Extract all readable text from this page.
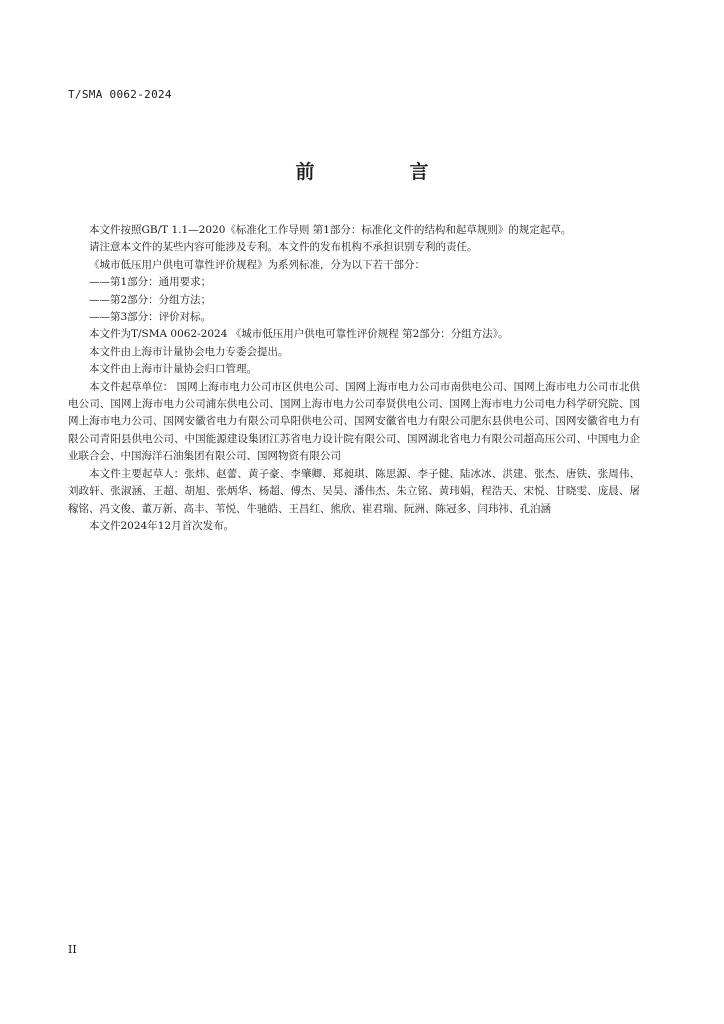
T/SMA 0062-2024
前　言

本文件按照GB/T 1.1—2020《标准化工作导则 第1部分：标准化文件的结构和起草规则》的规定起草。

请注意本文件的某些内容可能涉及专利。本文件的发布机构不承担识别专利的责任。

《城市低压用户供电可靠性评价规程》为系列标准，分为以下若干部分：

——第1部分：通用要求；

——第2部分：分组方法；

——第3部分：评价对标。

本文件为T/SMA 0062-2024 《城市低压用户供电可靠性评价规程 第2部分：分组方法》。

本文件由上海市计量协会电力专委会提出。

本文件由上海市计量协会归口管理。

本文件起草单位： 国网上海市电力公司市区供电公司、国网上海市电力公司市南供电公司、国网上海市电力公司市北供电公司、国网上海市电力公司浦东供电公司、国网上海市电力公司奉贤供电公司、国网上海市电力公司电力科学研究院、国网上海市电力公司、国网安徽省电力有限公司阜阳供电公司、国网安徽省电力有限公司肥东县供电公司、国网安徽省电力有限公司青阳县供电公司、中国能源建设集团江苏省电力设计院有限公司、国网湖北省电力有限公司超高压公司、中国电力企业联合会、中国海洋石油集团有限公司、国网物资有限公司

本文件主要起草人：张炜、赵蕾、黄子豪、李肇卿、郑昶琪、陈思源、李子健、陆冰冰、洪建、张杰、唐铁、张周伟、刘政轩、张淑涵、王超、胡旭、张炳华、杨超、傅杰、吴昊、潘伟杰、朱立铭、黄玮娟，程浩天、宋悦、甘晓雯、庞晨、屠稼铭、冯文俊、董万新、高丰、苇悦、牛驰皓、王昌红、熊欣、崔君瑞、阮洲、陈冠多、闫玮祎、孔泊涵

本文件2024年12月首次发布。

II
